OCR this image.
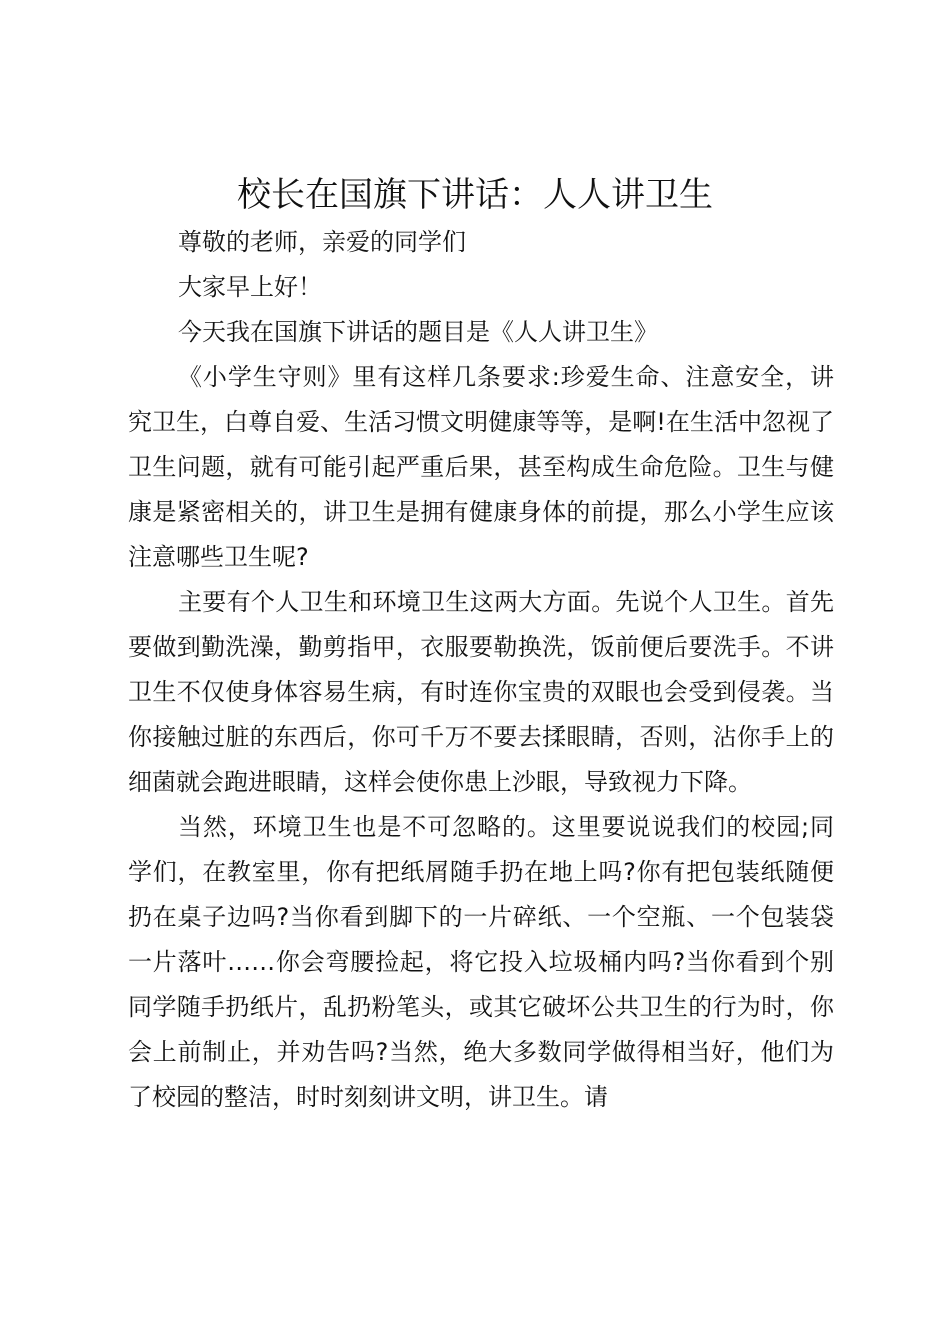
校长在国旗下讲话：人人讲卫生

尊敬的老师，亲爱的同学们

大家早上好！

今天我在国旗下讲话的题目是《人人讲卫生》

《小学生守则》里有这样几条要求:珍爱生命、注意安全，讲究卫生，白尊自爱、生活习惯文明健康等等，是啊!在生活中忽视了卫生问题，就有可能引起严重后果，甚至构成生命危险。卫生与健康是紧密相关的，讲卫生是拥有健康身体的前提，那么小学生应该注意哪些卫生呢?

主要有个人卫生和环境卫生这两大方面。先说个人卫生。首先要做到勤洗澡，勤剪指甲，衣服要勒换洗，饭前便后要洗手。不讲卫生不仅使身体容易生病，有时连你宝贵的双眼也会受到侵袭。当你接触过脏的东西后，你可千万不要去揉眼睛，否则，沾你手上的细菌就会跑进眼睛，这样会使你患上沙眼，导致视力下降。

当然，环境卫生也是不可忽略的。这里要说说我们的校园;同学们，在教室里，你有把纸屑随手扔在地上吗?你有把包装纸随便扔在桌子边吗?当你看到脚下的一片碎纸、一个空瓶、一个包装袋一片落叶……你会弯腰捡起，将它投入垃圾桶内吗?当你看到个别同学随手扔纸片，乱扔粉笔头，或其它破坏公共卫生的行为时，你会上前制止，并劝告吗?当然，绝大多数同学做得相当好，他们为了校园的整洁，时时刻刻讲文明，讲卫生。请
